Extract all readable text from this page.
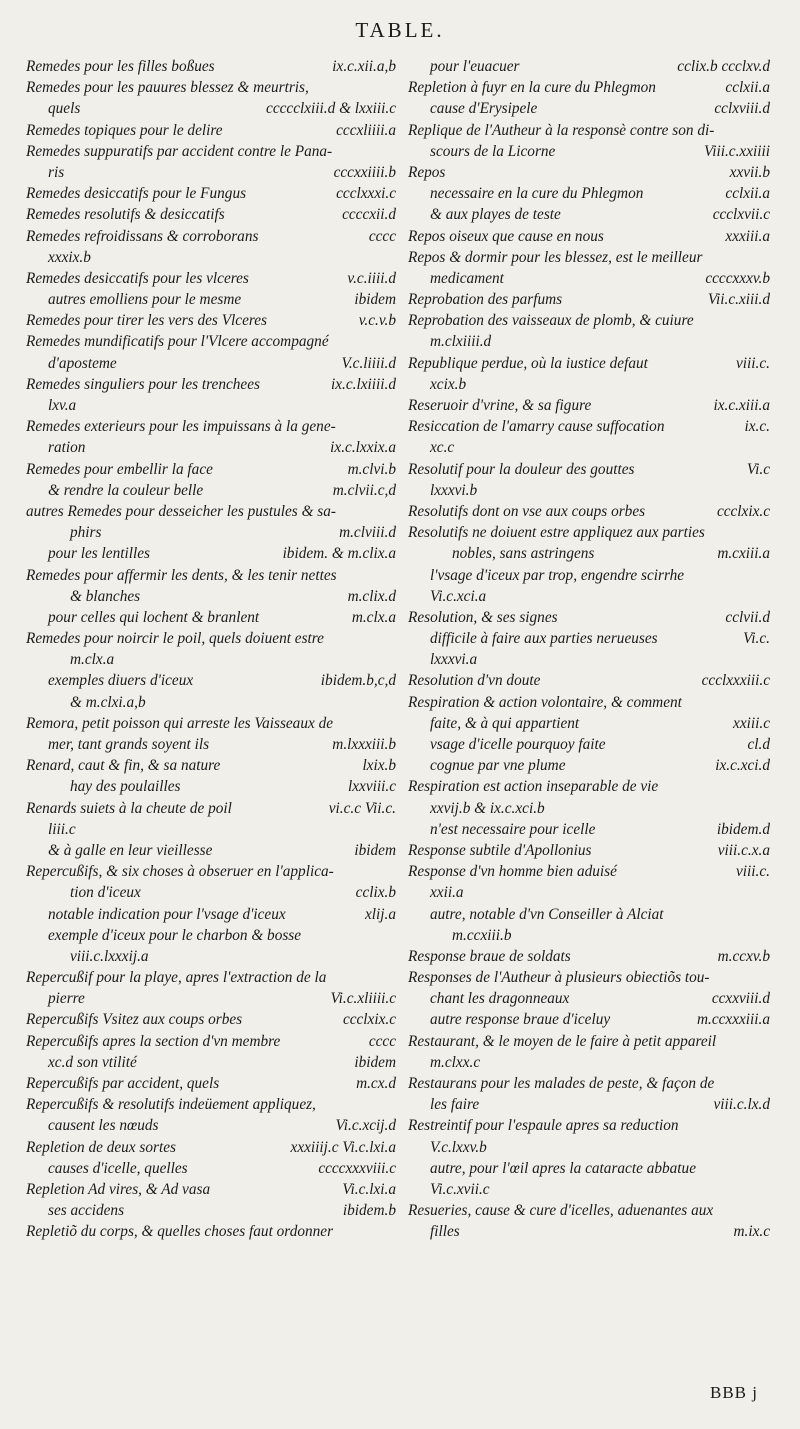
TABLE.
Remedes pour les filles boßues	ix.c.xii.a,b
Remedes pour les pauures blessez & meurtris,
quels	ccccclxiii.d & lxxiii.c
Remedes topiques pour le delire	cccxliiii.a
Remedes suppuratifs par accident contre le Pana-
ris	cccxxiiii.b
Remedes desiccatifs pour le Fungus	ccclxxxi.c
Remedes resolutifs & desiccatifs	ccccxii.d
Remedes refroidissans & corroborans	cccc
xxxix.b
Remedes desiccatifs pour les vlceres	v.c.iiii.d
autres emolliens pour le mesme	ibidem
Remedes pour tirer les vers des Vlceres	v.c.v.b
Remedes mundificatifs pour l'Vlcere accompagné
d'aposteme	V.c.liiii.d
Remedes singuliers pour les trenchees	ix.c.lxiiii.d
lxv.a
Remedes exterieurs pour les impuissans à la gene-
ration	ix.c.lxxix.a
Remedes pour embellir la face	m.clvi.b
& rendre la couleur belle	m.clvii.c,d
autres Remedes pour desseicher les pustules & sa-
phirs	m.clviii.d
pour les lentilles	ibidem. & m.clix.a
Remedes pour affermir les dents, & les tenir nettes
& blanches	m.clix.d
pour celles qui lochent & branlent	m.clx.a
Remedes pour noircir le poil, quels doiuent estre
m.clx.a
exemples diuers d'iceux	ibidem.b,c,d
& m.clxi.a,b
Remora, petit poisson qui arreste les Vaisseaux de
mer, tant grands soyent ils	m.lxxxiii.b
Renard, caut & fin, & sa nature	lxix.b
hay des poulailles	lxxviii.c
Renards suiets à la cheute de poil	vi.c.c Vii.c.
liii.c
& à galle en leur vieillesse	ibidem
Repercußifs, & six choses à obseruer en l'applica-
tion d'iceux	cclix.b
notable indication pour l'vsage d'iceux	xlij.a
exemple d'iceux pour le charbon & bosse
viii.c.lxxxij.a
Repercußif pour la playe, apres l'extraction de la
pierre	Vi.c.xliiii.c
Repercußifs Vsitez aux coups orbes	ccclxix.c
Repercußifs apres la section d'vn membre	cccc
xc.d son vtilité	ibidem
Repercußifs par accident, quels	m.cx.d
Repercußifs & resolutifs indeüement appliquez,
causent les nœuds	Vi.c.xcij.d
Repletion de deux sortes	xxxiiij.c Vi.c.lxi.a
causes d'icelle, quelles	ccccxxxviii.c
Repletion Ad vires, & Ad vasa	Vi.c.lxi.a
ses accidens	ibidem.b
Repletiõ du corps, & quelles choses faut ordonner
pour l'euacuer	cclix.b ccclxv.d
Repletion à fuyr en la cure du Phlegmon	cclxii.a
cause d'Erysipele	cclxviii.d
Replique de l'Autheur à la responsè contre son di-
scours de la Licorne	Viii.c.xxiiii
Repos	xxvii.b
necessaire en la cure du Phlegmon	cclxii.a
& aux playes de teste	ccclxvii.c
Repos oiseux que cause en nous	xxxiii.a
Repos & dormir pour les blessez, est le meilleur
medicament	ccccxxxv.b
Reprobation des parfums	Vii.c.xiii.d
Reprobation des vaisseaux de plomb, & cuiure
m.clxiiii.d
Republique perdue, où la iustice defaut	viii.c.
xcix.b
Reseruoir d'vrine, & sa figure	ix.c.xiii.a
Resiccation de l'amarry cause suffocation	ix.c.
xc.c
Resolutif pour la douleur des gouttes	Vi.c
lxxxvi.b
Resolutifs dont on vse aux coups orbes	ccclxix.c
Resolutifs ne doiuent estre appliquez aux parties
nobles, sans astringens	m.cxiii.a
l'vsage d'iceux par trop, engendre scirrhe
Vi.c.xci.a
Resolution, & ses signes	cclvii.d
difficile à faire aux parties nerueuses	Vi.c.
lxxxvi.a
Resolution d'vn doute	ccclxxxiii.c
Respiration & action volontaire, & comment
faite, & à qui appartient	xxiii.c
vsage d'icelle pourquoy faite	cl.d
cognue par vne plume	ix.c.xci.d
Respiration est action inseparable de vie
xxvij.b & ix.c.xci.b
n'est necessaire pour icelle	ibidem.d
Response subtile d'Apollonius	viii.c.x.a
Response d'vn homme bien aduisé	viii.c.
xxii.a
autre, notable d'vn Conseiller à Alciat
m.ccxiii.b
Response braue de soldats	m.ccxv.b
Responses de l'Autheur à plusieurs obiectiõs tou-
chant les dragonneaux	ccxxviii.d
autre response braue d'iceluy	m.ccxxxiii.a
Restaurant, & le moyen de le faire à petit appareil
m.clxx.c
Restaurans pour les malades de peste, & façon de
les faire	viii.c.lx.d
Restreintif pour l'espaule apres sa reduction
V.c.lxxv.b
autre, pour l'œil apres la cataracte abbatue
Vi.c.xvii.c
Resueries, cause & cure d'icelles, aduenantes aux
filles	m.ix.c
BBB j
